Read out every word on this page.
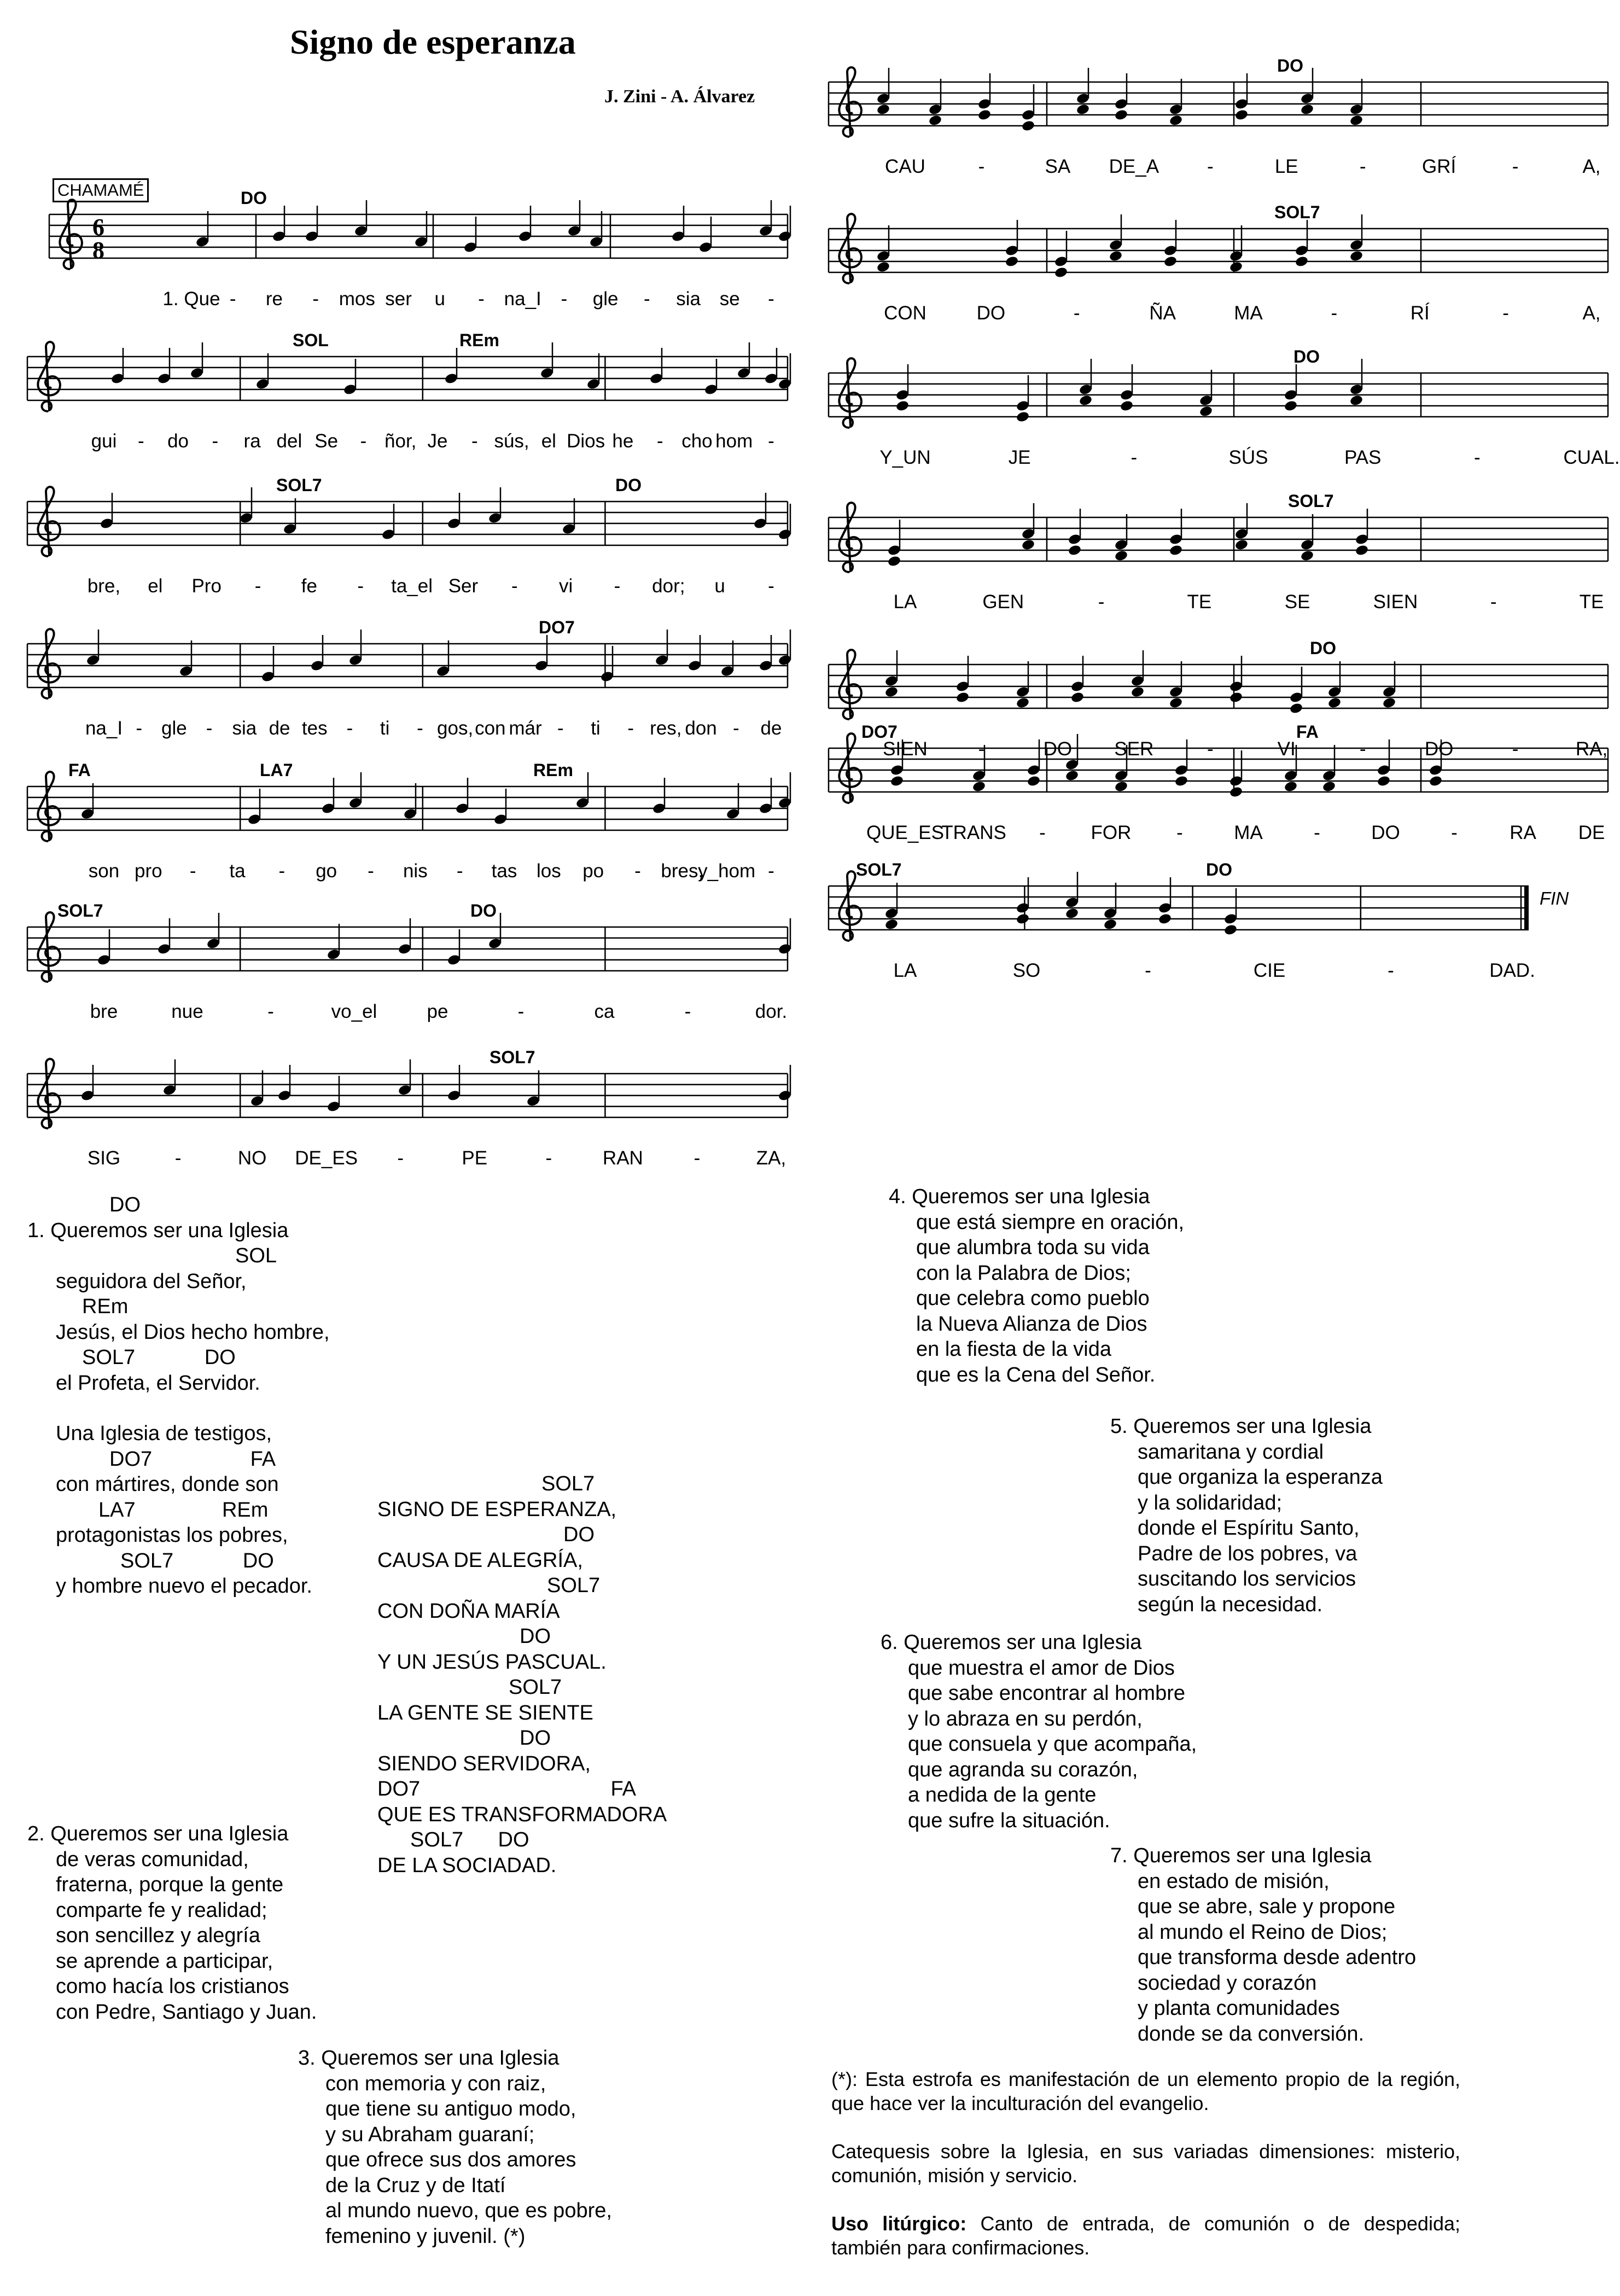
Signo de esperanza
J. Zini - A. Álvarez
CHAMAMÉ
6
8
DO
1. Que - re - mos ser u - na_I - gle - sia se -
SOL	REm
gui - do - ra del Se - ñor, Je - sús, el Dios he - cho hom -
SOL7	DO
bre, el Pro - fe - ta_el Ser - vi - dor; u -
DO7
na_I - gle - sia de tes - ti - gos, con már - ti - res, don - de
FA	LA7	REm
son pro - ta - go - nis - tas los po - bres,
y_hom -
SOL7	DO
bre	nue	-	vo_el	pe	-	ca	-	dor.
SOL7
SIG	-	NO DE_ES -	PE	-	RAN	-	ZA,
DO
CAU	-	SA DE_A	-	LE	-	GRÍ	-	A,
SOL7
CON	DO	-	ÑA	MA	-	RÍ	-	A,
DO
Y_UN	JE	-	SÚS	PAS	-	CUAL.
SOL7
LA	GEN	-	TE	SE	SIEN	-	TE
DO
SIEN	-	DO SER	-	VI	-	DO	-	RA,
DO7	FA
QUE_ES
TRANS - FOR -	MA	-	DO	-	RA DE
SOL7	DO
LA	SO	-	CIE	-	DAD.
FIN
DO
1. Queremos ser una Iglesia
SOL
seguidora del Señor,
REm
Jesús, el Dios hecho hombre,
SOL7            DO
el Profeta, el Servidor.

Una Iglesia de testigos,
DO7                 FA
con mártires, donde son
LA7               REm
protagonistas los pobres,
SOL7            DO
y hombre nuevo el pecador.
SOL7
SIGNO DE ESPERANZA,
DO
CAUSA DE ALEGRÍA,
SOL7
CON DOÑA MARÍA
DO
Y UN JESÚS PASCUAL.
SOL7
LA GENTE SE SIENTE
DO
SIENDO SERVIDORA,
DO7                                 FA
QUE ES TRANSFORMADORA
SOL7      DO
DE LA SOCIADAD.
2. Queremos ser una Iglesia
de veras comunidad,
fraterna, porque la gente
comparte fe y realidad;
son sencillez y alegría
se aprende a participar,
como hacía los cristianos
con Pedre, Santiago y Juan.
3. Queremos ser una Iglesia
con memoria y con raiz,
que tiene su antiguo modo,
y su Abraham guaraní;
que ofrece sus dos amores
de la Cruz y de Itatí
al mundo nuevo, que es pobre,
femenino y juvenil. (*)
4. Queremos ser una Iglesia
que está siempre en oración,
que alumbra toda su vida
con la Palabra de Dios;
que celebra como pueblo
la Nueva Alianza de Dios
en la fiesta de la vida
que es la Cena del Señor.
5. Queremos ser una Iglesia
samaritana y cordial
que organiza la esperanza
y la solidaridad;
donde el Espíritu Santo,
Padre de los pobres, va
suscitando los servicios
según la necesidad.
6. Queremos ser una Iglesia
que muestra el amor de Dios
que sabe encontrar al hombre
y lo abraza en su perdón,
que consuela y que acompaña,
que agranda su corazón,
a nedida de la gente
que sufre la situación.
7. Queremos ser una Iglesia
en estado de misión,
que se abre, sale y propone
al mundo el Reino de Dios;
que transforma desde adentro
sociedad y corazón
y planta comunidades
donde se da conversión.
(*): Esta estrofa es manifestación de un elemento propio de la región, que hace ver la inculturación del evangelio.
Catequesis sobre la Iglesia, en sus variadas dimensiones: misterio, comunión, misión y servicio.
Uso litúrgico: Canto de entrada, de comunión o de despedida; también para confirmaciones.
